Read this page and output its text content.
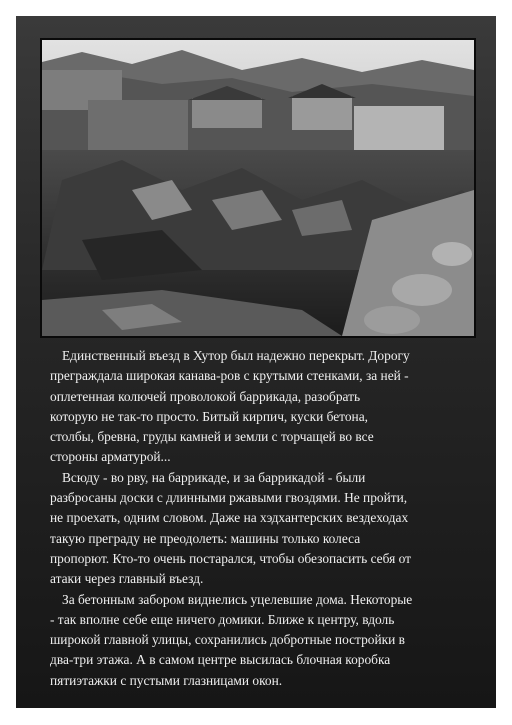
Единственный въезд в Хутор был надежно перекрыт. Дорогу
преграждала широкая канава-ров с крутыми стенками, за ней -
оплетенная колючей проволокой баррикада, разобрать
которую не так-то просто. Битый кирпич, куски бетона,
столбы, бревна, груды камней и земли с торчащей во все
стороны арматурой...

Всюду - во рву, на баррикаде, и за баррикадой - были
разбросаны доски с длинными ржавыми гвоздями. Не пройти,
не проехать, одним словом. Даже на хэдхантерских вездеходах
такую преграду не преодолеть: машины только колеса
пропорют. Кто-то очень постарался, чтобы обезопасить себя от
атаки через главный въезд.

За бетонным забором виднелись уцелевшие дома. Некоторые
- так вполне себе еще ничего домики. Ближе к центру, вдоль
широкой главной улицы, сохранились добротные постройки в
два-три этажа. А в самом центре высилась блочная коробка
пятиэтажки с пустыми глазницами окон.
